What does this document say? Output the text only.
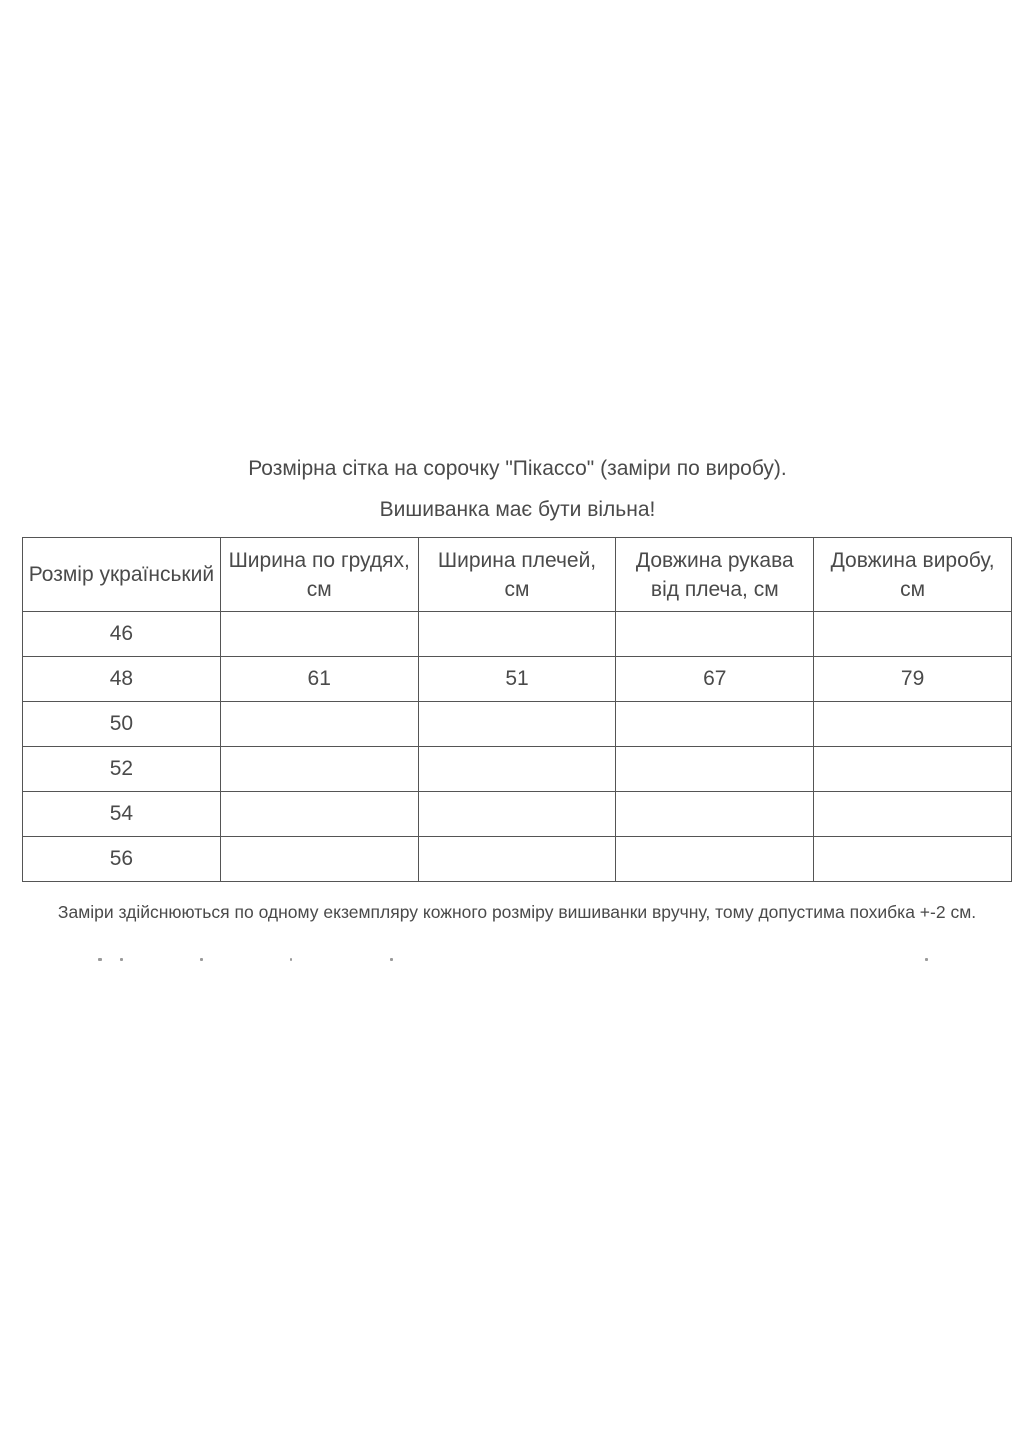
Розмірна сітка на сорочку "Пікассо" (заміри по виробу).
Вишиванка має бути вільна!
Розмір український	Ширина по грудях, см	Ширина плечей, см	Довжина рукава від плеча, см	Довжина виробу, см
46				
48	61	51	67	79
50				
52				
54				
56				
Заміри здійснюються по одному екземпляру кожного розміру вишиванки вручну, тому допустима похибка +-2 см.
